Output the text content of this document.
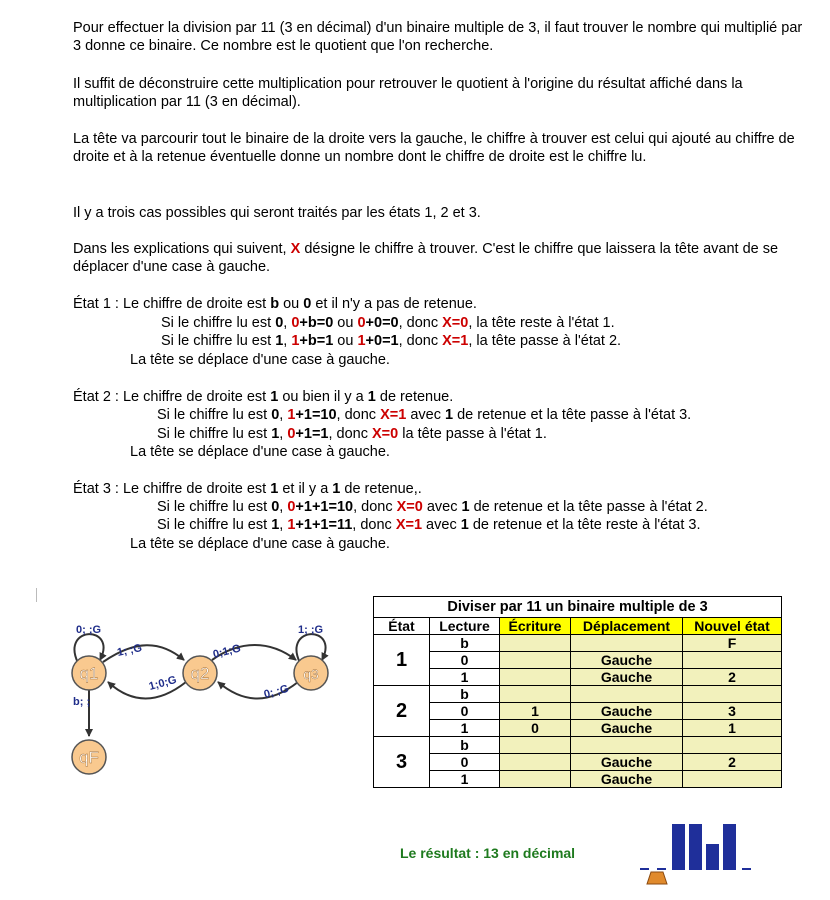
Pour effectuer la division par 11 (3 en décimal) d'un binaire multiple de 3, il faut trouver le nombre qui multiplié par 3 donne ce binaire. Ce nombre est le quotient que l'on recherche.
Il suffit de déconstruire cette multiplication pour retrouver le quotient à l'origine du résultat affiché dans la multiplication par 11 (3 en décimal).
La tête va parcourir tout le binaire de la droite vers la gauche, le chiffre à trouver est celui qui ajouté au chiffre de droite et à la retenue éventuelle donne un nombre dont le chiffre de droite est le chiffre lu.
Il y a trois cas possibles qui seront traités par les états 1, 2 et 3.
Dans les explications qui suivent, X désigne le chiffre à trouver. C'est le chiffre que laissera la tête avant de se déplacer d'une case à gauche.
État 1 : Le chiffre de droite est b ou 0 et il n'y a pas de retenue.
Si le chiffre lu est 0, 0+b=0 ou 0+0=0, donc X=0, la tête reste à l'état 1.
Si le chiffre lu est 1, 1+b=1 ou 1+0=1, donc X=1, la tête passe à l'état 2.
La tête se déplace d'une case à gauche.
État 2 : Le chiffre de droite est 1 ou bien il y a 1 de retenue.
Si le chiffre lu est 0, 1+1=10, donc X=1 avec 1 de retenue et la tête passe à l'état 3.
Si le chiffre lu est 1, 0+1=1, donc X=0 la tête passe à l'état 1.
La tête se déplace d'une case à gauche.
État 3 : Le chiffre de droite est 1 et il y a 1 de retenue,.
Si le chiffre lu est 0, 0+1+1=10, donc X=0 avec 1 de retenue et la tête passe à l'état 2.
Si le chiffre lu est 1, 1+1+1=11, donc X=1 avec 1 de retenue et la tête reste à l'état 3.
La tête se déplace d'une case à gauche.
q1	q2	q3
qF
0; ;G
1; ;G
1;0;G
0;1;G
0; ;G
1; ;G
b; ;
Diviser par 11 un binaire multiple de 3				
État	Lecture	Écriture	Déplacement	Nouvel état
1	b			F
	0		Gauche	
	1		Gauche	2
2	b			
	0	1	Gauche	3
	1	0	Gauche	1
3	b			
	0		Gauche	2
	1		Gauche	
Le résultat : 13 en décimal
